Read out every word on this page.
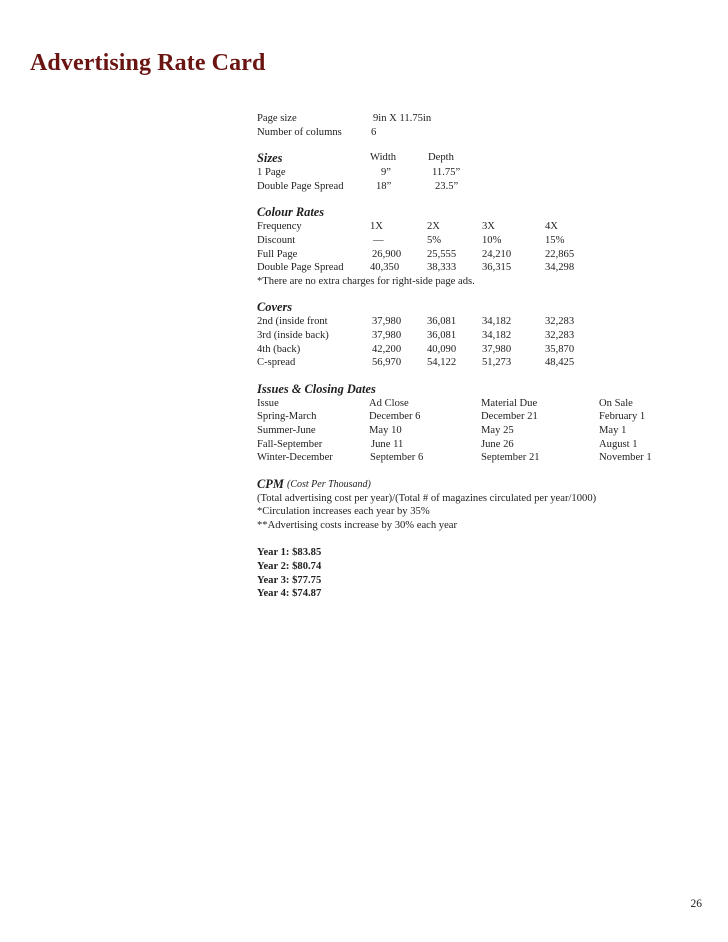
Advertising Rate Card
Page size	9in X 11.75in
Number of columns	6
Sizes	Width	Depth
1 Page	9”	11.75”
Double Page Spread	18”	23.5”
Colour Rates
Frequency	1X	2X	3X	4X
Discount	—	5%	10%	15%
Full Page	26,900 25,555 24,210	22,865
Double Page Spread	40,350	38,333 36,315	34,298
*There are no extra charges for right-side page ads.
Covers
2nd (inside front	37,980 36,081 34,182	32,283
3rd (inside back)	37,980 36,081 34,182	32,283
4th (back)	42,200 40,090 37,980	35,870
C-spread	56,970 54,122 51,273	48,425
Issues & Closing Dates
Issue	Ad Close	Material Due	On Sale
Spring-March	December 6	December 21	February 1
Summer-June	May 10	May 25	May 1
Fall-September	June 11	June 26	August 1
Winter-December	September 6	September 21	November 1
CPM (Cost Per Thousand)
(Total advertising cost per year)/(Total # of magazines circulated per year/1000)
*Circulation increases each year by 35%
**Advertising costs increase by 30% each year
Year 1: $83.85
Year 2: $80.74
Year 3: $77.75
Year 4: $74.87
26
